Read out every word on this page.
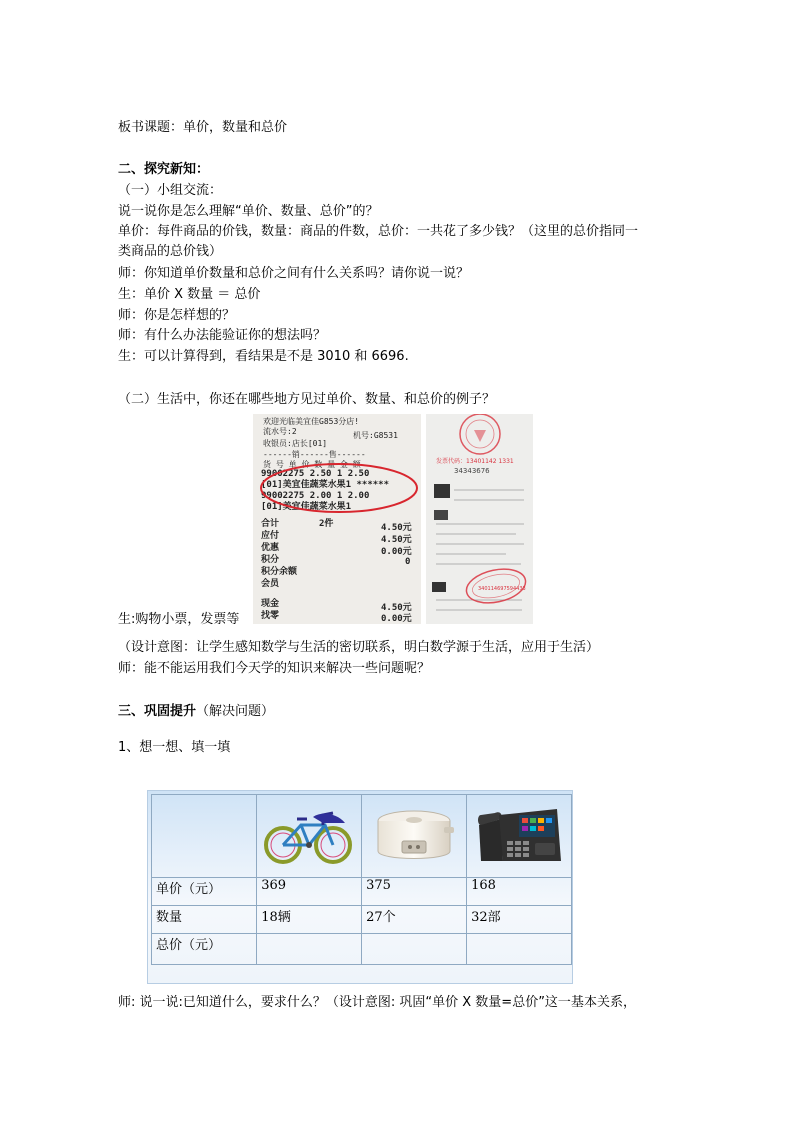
板书课题：单价，数量和总价
二、探究新知：
（一）小组交流：
说一说你是怎么理解“单价、数量、总价”的？
单价：每件商品的价钱，数量：商品的件数，总价：一共花了多少钱？（这里的总价指同一
类商品的总价钱）
师：你知道单价数量和总价之间有什么关系吗？请你说一说？
生：单价 X 数量 ＝ 总价
师：你是怎样想的？
师：有什么办法能验证你的想法吗？
生：可以计算得到，看结果是不是 3010 和 6696.
（二）生活中，你还在哪些地方见过单价、数量、和总价的例子？
欢迎光临美宜佳G853分店!
流水号:2	机号:G8531
收银员:店长[01]
------销------售------
货 号 单 价 数 量 金 额
99002275 2.50 1 2.50
[01]美宜佳蔬菜水果1 ******
99002275 2.00 1 2.00
[01]美宜佳蔬菜水果1
合计	2件	4.50元
应付	4.50元
优惠	0.00元
积分	0
积分余额
会员
现金	4.50元
找零	0.00元
发票代码：13401142 1331
34343676
340114697594433
生:购物小票，发票等
（设计意图：让学生感知数学与生活的密切联系，明白数学源于生活，应用于生活）
师：能不能运用我们今天学的知识来解决一些问题呢？
三、巩固提升（解决问题）
1、想一想、填一填

单价（元）	369	375	168
数量	18辆	27个	32部
总价（元）			
师: 说一说:已知道什么，要求什么？（设计意图: 巩固“单价 X 数量=总价”这一基本关系，
